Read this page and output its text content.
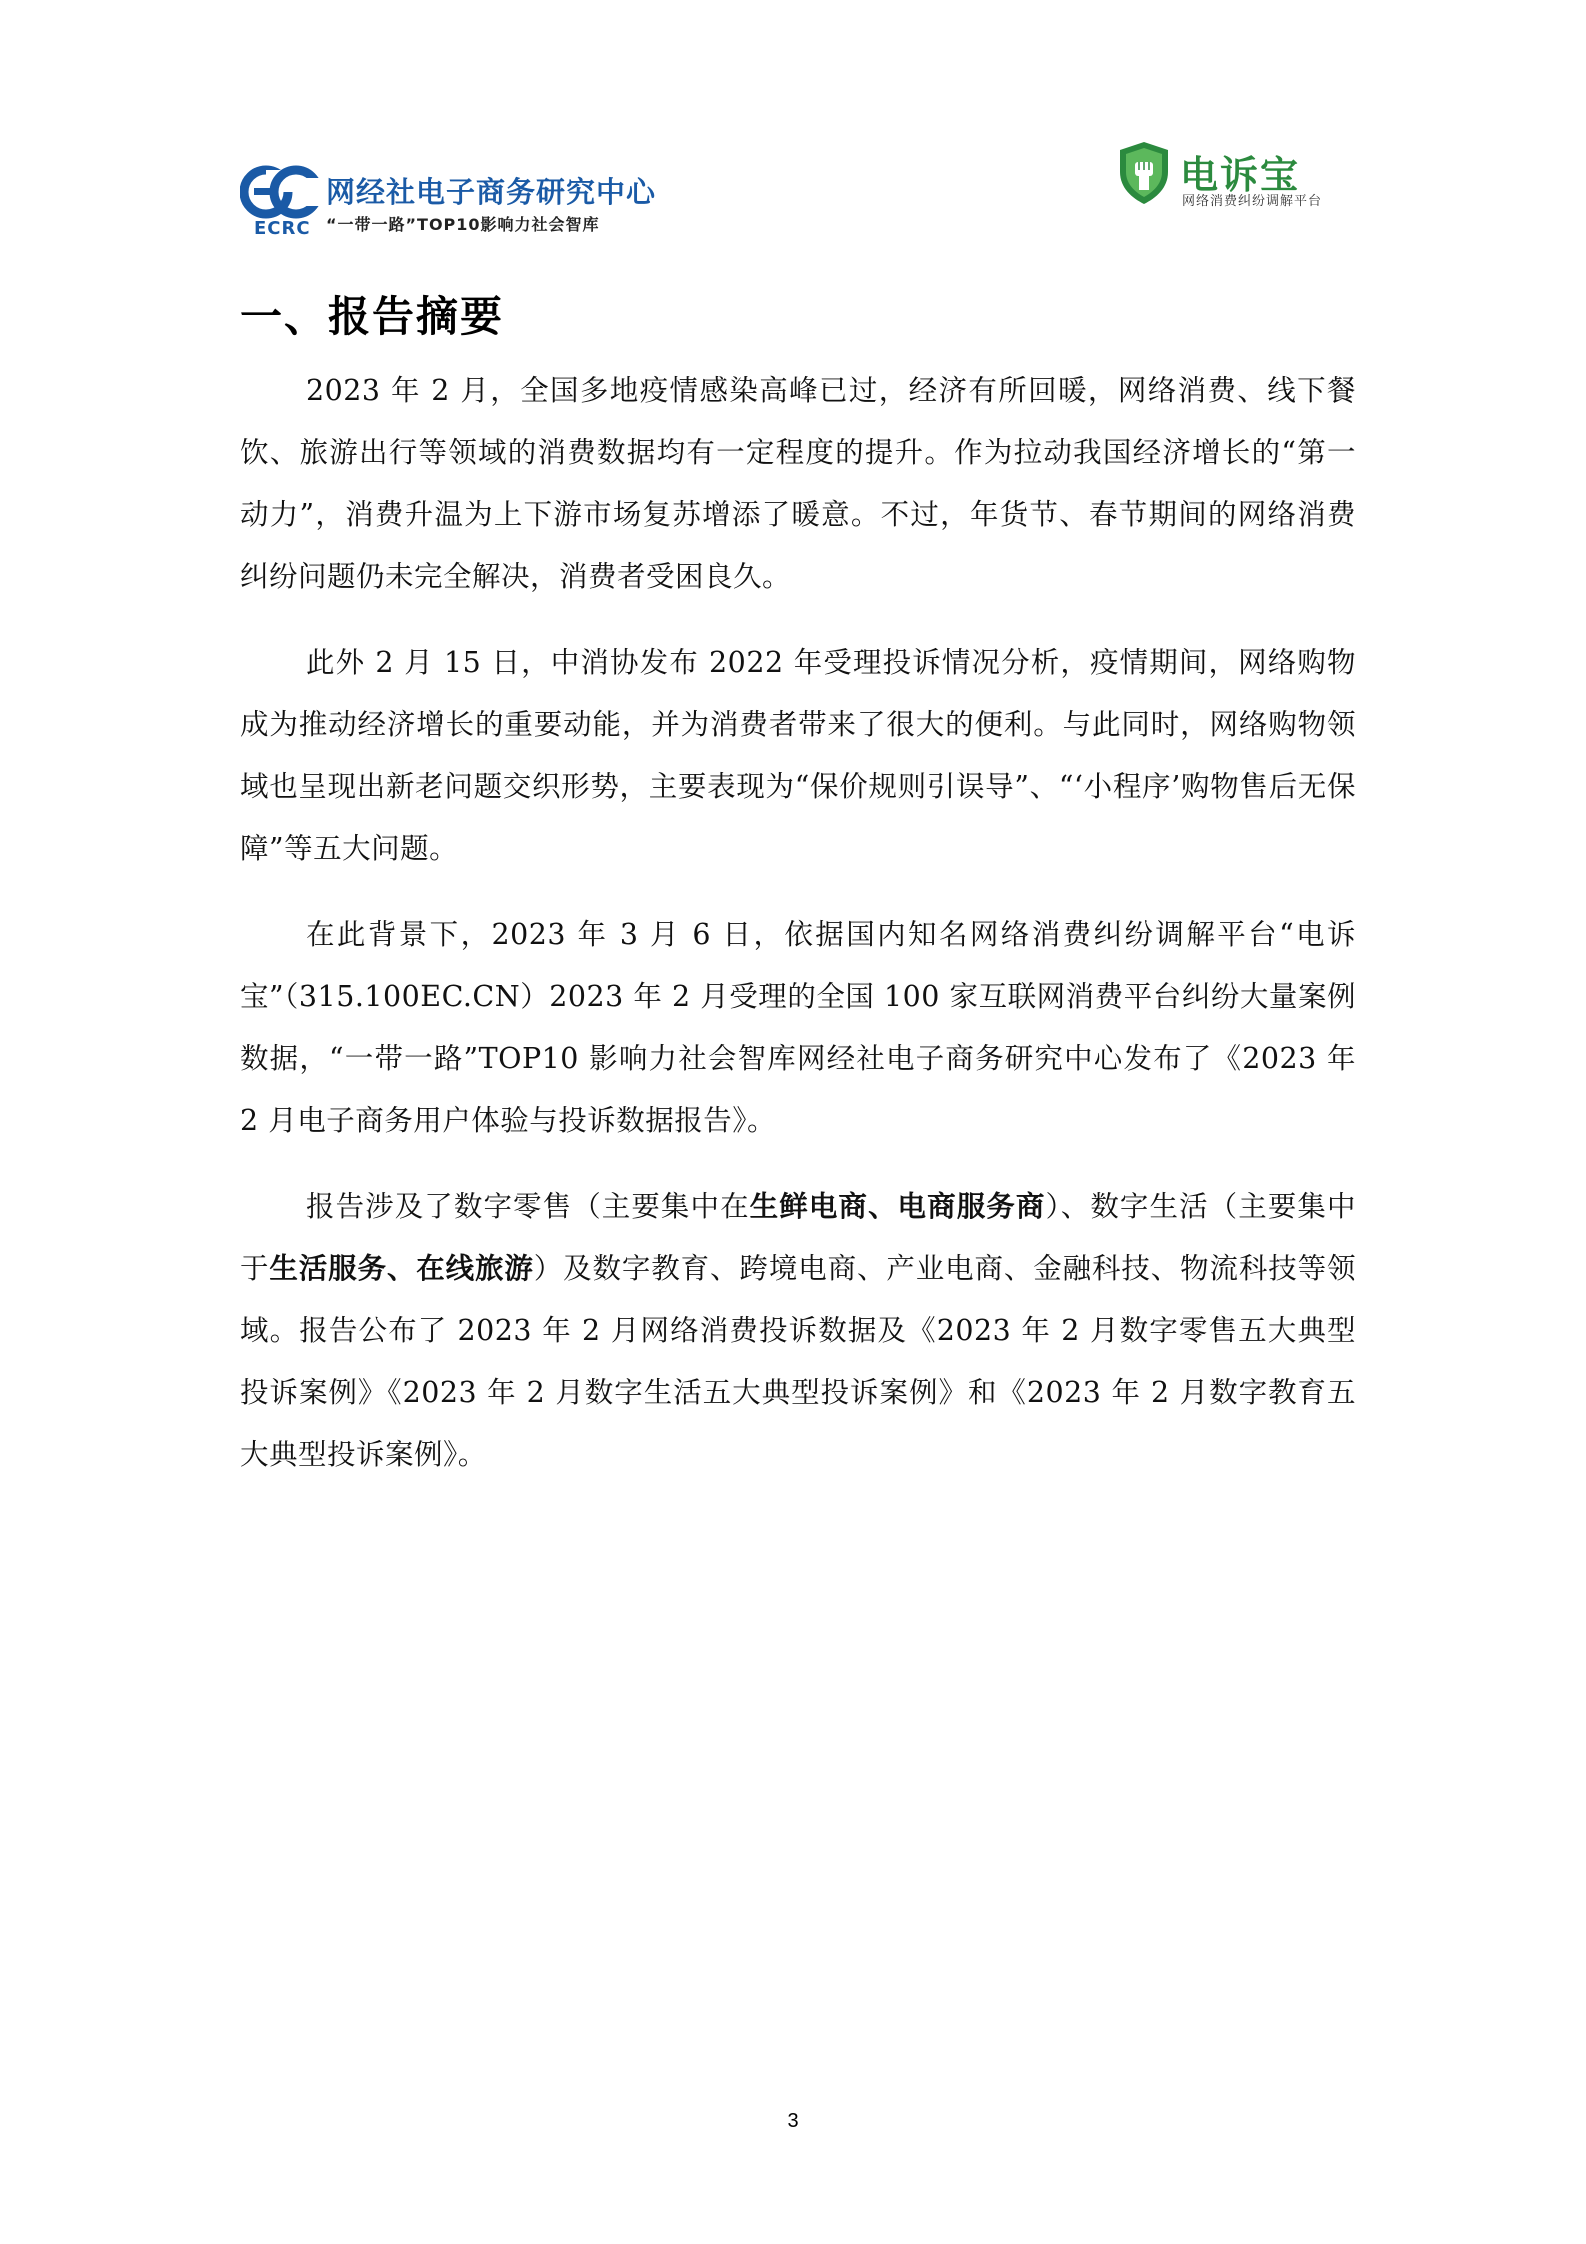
ECRC
网经社电子商务研究中心
“一带一路”TOP10影响力社会智库
电诉宝
网络消费纠纷调解平台
一、报告摘要

2023 年 2 月，全国多地疫情感染高峰已过，经济有所回暖，网络消费、线下餐饮、旅游出行等领域的消费数据均有一定程度的提升。作为拉动我国经济增长的“第一动力”，消费升温为上下游市场复苏增添了暖意。不过，年货节、春节期间的网络消费纠纷问题仍未完全解决，消费者受困良久。

此外 2 月 15 日，中消协发布 2022 年受理投诉情况分析，疫情期间，网络购物成为推动经济增长的重要动能，并为消费者带来了很大的便利。与此同时，网络购物领域也呈现出新老问题交织形势，主要表现为“保价规则引误导”、“‘小程序’购物售后无保障”等五大问题。

在此背景下，2023 年 3 月 6 日，依据国内知名网络消费纠纷调解平台“电诉宝”（315.100EC.CN）2023 年 2 月受理的全国 100 家互联网消费平台纠纷大量案例数据，“一带一路”TOP10 影响力社会智库网经社电子商务研究中心发布了《2023 年 2 月电子商务用户体验与投诉数据报告》。

报告涉及了数字零售（主要集中在生鲜电商、电商服务商）、数字生活（主要集中于生活服务、在线旅游）及数字教育、跨境电商、产业电商、金融科技、物流科技等领域。报告公布了 2023 年 2 月网络消费投诉数据及《2023 年 2 月数字零售五大典型投诉案例》《2023 年 2 月数字生活五大典型投诉案例》和《2023 年 2 月数字教育五大典型投诉案例》。

3
